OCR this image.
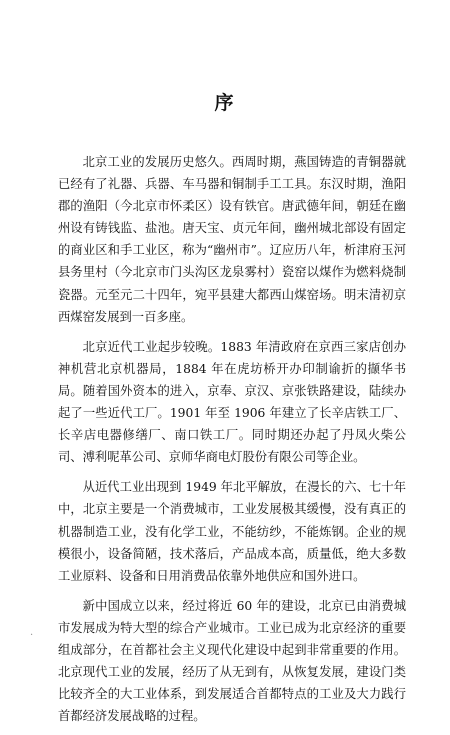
序

北京工业的发展历史悠久。西周时期，燕国铸造的青铜器就已经有了礼器、兵器、车马器和铜制手工工具。东汉时期，渔阳郡的渔阳（今北京市怀柔区）设有铁官。唐武德年间，朝廷在幽州设有铸钱监、盐池。唐天宝、贞元年间，幽州城北部设有固定的商业区和手工业区，称为“幽州市”。辽应历八年，析津府玉河县务里村（今北京市门头沟区龙泉雾村）瓷窑以煤作为燃料烧制瓷器。元至元二十四年，宛平县建大都西山煤窑场。明末清初京西煤窑发展到一百多座。

北京近代工业起步较晚。1883 年清政府在京西三家店创办神机营北京机器局，1884 年在虎坊桥开办印制谕折的撷华书局。随着国外资本的进入，京奉、京汉、京张铁路建设，陆续办起了一些近代工厂。1901 年至 1906 年建立了长辛店铁工厂、长辛店电器修缮厂、南口铁工厂。同时期还办起了丹凤火柴公司、溥利呢革公司、京师华商电灯股份有限公司等企业。

从近代工业出现到 1949 年北平解放，在漫长的六、七十年中，北京主要是一个消费城市，工业发展极其缓慢，没有真正的机器制造工业，没有化学工业，不能纺纱，不能炼钢。企业的规模很小，设备简陋，技术落后，产品成本高，质量低，绝大多数工业原料、设备和日用消费品依靠外地供应和国外进口。

新中国成立以来，经过将近 60 年的建设，北京已由消费城市发展成为特大型的综合产业城市。工业已成为北京经济的重要组成部分，在首都社会主义现代化建设中起到非常重要的作用。北京现代工业的发展，经历了从无到有，从恢复发展，建设门类比较齐全的大工业体系，到发展适合首都特点的工业及大力践行首都经济发展战略的过程。

·
